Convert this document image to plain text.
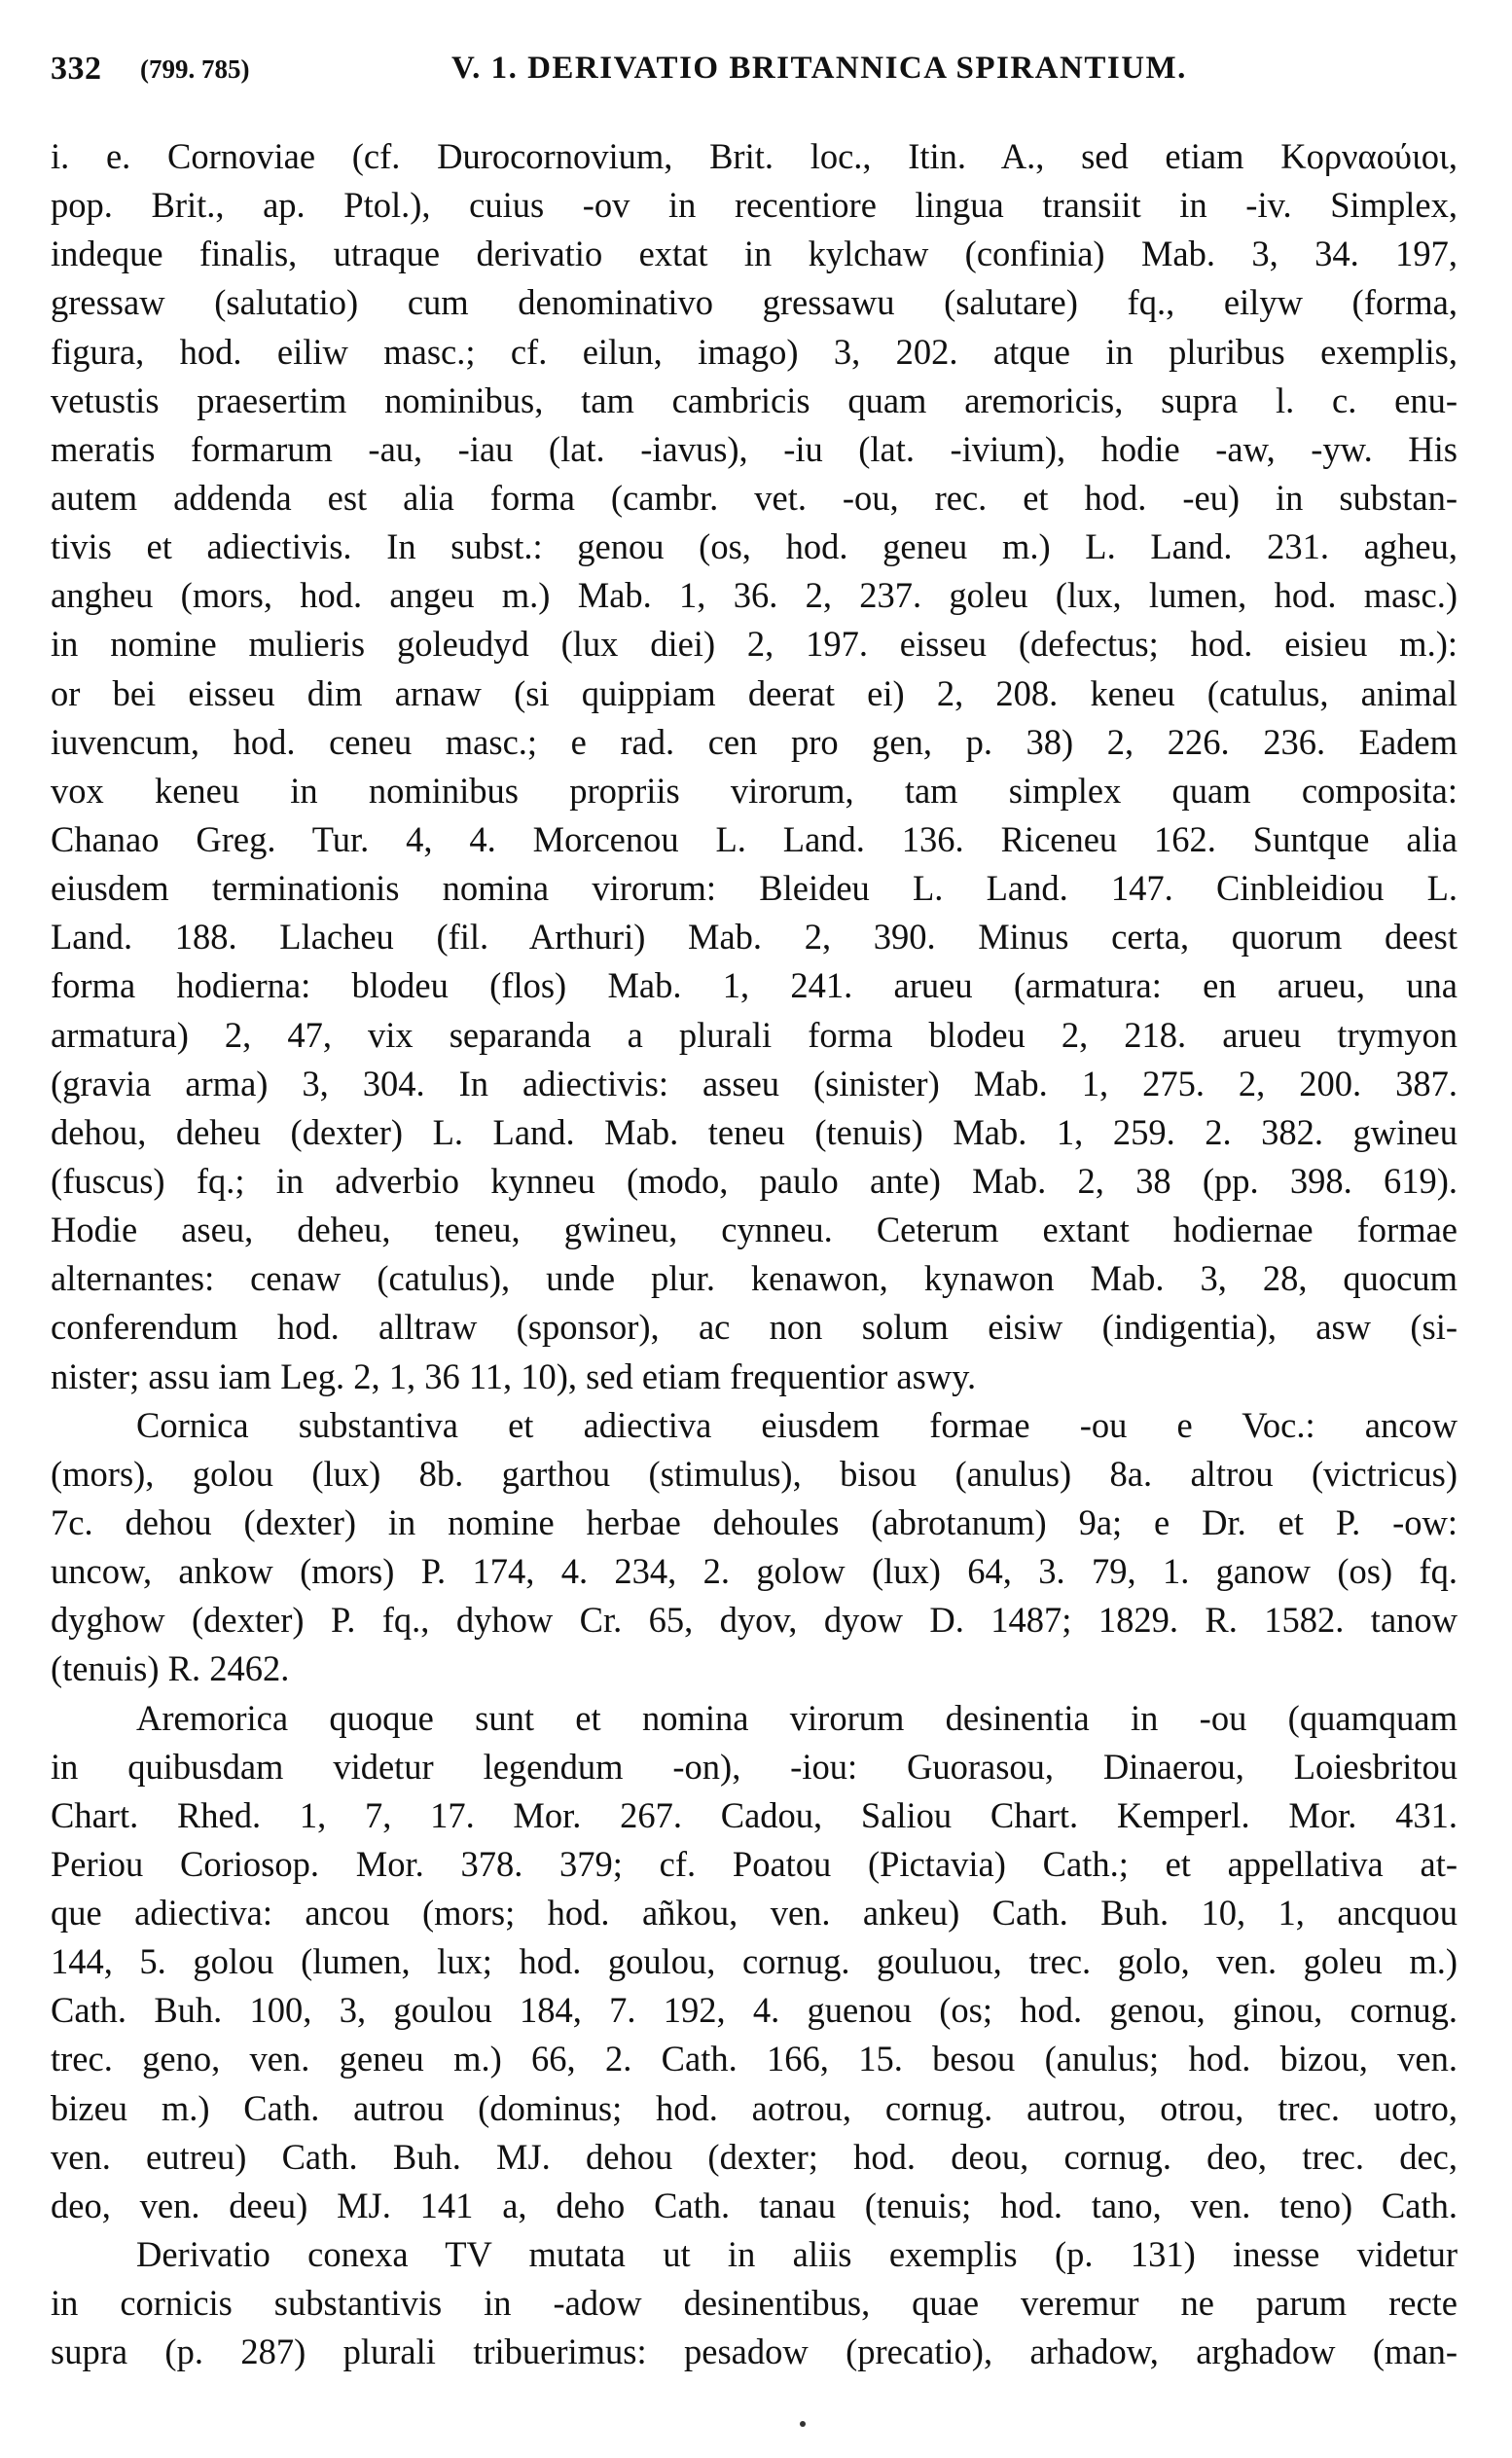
332 (799. 785)	V. 1. DERIVATIO BRITANNICA SPIRANTIUM.
i. e. Cornoviae (cf. Durocornovium, Brit. loc., Itin. A., sed etiam Κορναούιοι,
pop. Brit., ap. Ptol.), cuius -ov in recentiore lingua transiit in -iv. Simplex,
indeque finalis, utraque derivatio extat in kylchaw (confinia) Mab. 3, 34. 197,
gressaw (salutatio) cum denominativo gressawu (salutare) fq., eilyw (forma,
figura, hod. eiliw masc.; cf. eilun, imago) 3, 202. atque in pluribus exemplis,
vetustis praesertim nominibus, tam cambricis quam aremoricis, supra l. c. enu-
meratis formarum -au, -iau (lat. -iavus), -iu (lat. -ivium), hodie -aw, -yw. His
autem addenda est alia forma (cambr. vet. -ou, rec. et hod. -eu) in substan-
tivis et adiectivis. In subst.: genou (os, hod. geneu m.) L. Land. 231. agheu,
angheu (mors, hod. angeu m.) Mab. 1, 36. 2, 237. goleu (lux, lumen, hod. masc.)
in nomine mulieris goleudyd (lux diei) 2, 197. eisseu (defectus; hod. eisieu m.):
or bei eisseu dim arnaw (si quippiam deerat ei) 2, 208. keneu (catulus, animal
iuvencum, hod. ceneu masc.; e rad. cen pro gen, p. 38) 2, 226. 236. Eadem
vox keneu in nominibus propriis virorum, tam simplex quam composita:
Chanao Greg. Tur. 4, 4. Morcenou L. Land. 136. Riceneu 162. Suntque alia
eiusdem terminationis nomina virorum: Bleideu L. Land. 147. Cinbleidiou L.
Land. 188. Llacheu (fil. Arthuri) Mab. 2, 390. Minus certa, quorum deest
forma hodierna: blodeu (flos) Mab. 1, 241. arueu (armatura: en arueu, una
armatura) 2, 47, vix separanda a plurali forma blodeu 2, 218. arueu trymyon
(gravia arma) 3, 304. In adiectivis: asseu (sinister) Mab. 1, 275. 2, 200. 387.
dehou, deheu (dexter) L. Land. Mab. teneu (tenuis) Mab. 1, 259. 2. 382. gwineu
(fuscus) fq.; in adverbio kynneu (modo, paulo ante) Mab. 2, 38 (pp. 398. 619).
Hodie aseu, deheu, teneu, gwineu, cynneu. Ceterum extant hodiernae formae
alternantes: cenaw (catulus), unde plur. kenawon, kynawon Mab. 3, 28, quocum
conferendum hod. alltraw (sponsor), ac non solum eisiw (indigentia), asw (si-
nister; assu iam Leg. 2, 1, 36 11, 10), sed etiam frequentior aswy.
Cornica substantiva et adiectiva eiusdem formae -ou e Voc.: ancow
(mors), golou (lux) 8b. garthou (stimulus), bisou (anulus) 8a. altrou (victricus)
7c. dehou (dexter) in nomine herbae dehoules (abrotanum) 9a; e Dr. et P. -ow:
uncow, ankow (mors) P. 174, 4. 234, 2. golow (lux) 64, 3. 79, 1. ganow (os) fq.
dyghow (dexter) P. fq., dyhow Cr. 65, dyov, dyow D. 1487; 1829. R. 1582. tanow
(tenuis) R. 2462.
Aremorica quoque sunt et nomina virorum desinentia in -ou (quamquam
in quibusdam videtur legendum -on), -iou: Guorasou, Dinaerou, Loiesbritou
Chart. Rhed. 1, 7, 17. Mor. 267. Cadou, Saliou Chart. Kemperl. Mor. 431.
Periou Coriosop. Mor. 378. 379; cf. Poatou (Pictavia) Cath.; et appellativa at-
que adiectiva: ancou (mors; hod. añkou, ven. ankeu) Cath. Buh. 10, 1, ancquou
144, 5. golou (lumen, lux; hod. goulou, cornug. gouluou, trec. golo, ven. goleu m.)
Cath. Buh. 100, 3, goulou 184, 7. 192, 4. guenou (os; hod. genou, ginou, cornug.
trec. geno, ven. geneu m.) 66, 2. Cath. 166, 15. besou (anulus; hod. bizou, ven.
bizeu m.) Cath. autrou (dominus; hod. aotrou, cornug. autrou, otrou, trec. uotro,
ven. eutreu) Cath. Buh. MJ. dehou (dexter; hod. deou, cornug. deo, trec. dec,
deo, ven. deeu) MJ. 141 a, deho Cath. tanau (tenuis; hod. tano, ven. teno) Cath.
Derivatio conexa TV mutata ut in aliis exemplis (p. 131) inesse videtur
in cornicis substantivis in -adow desinentibus, quae veremur ne parum recte
supra (p. 287) plurali tribuerimus: pesadow (precatio), arhadow, arghadow (man-
